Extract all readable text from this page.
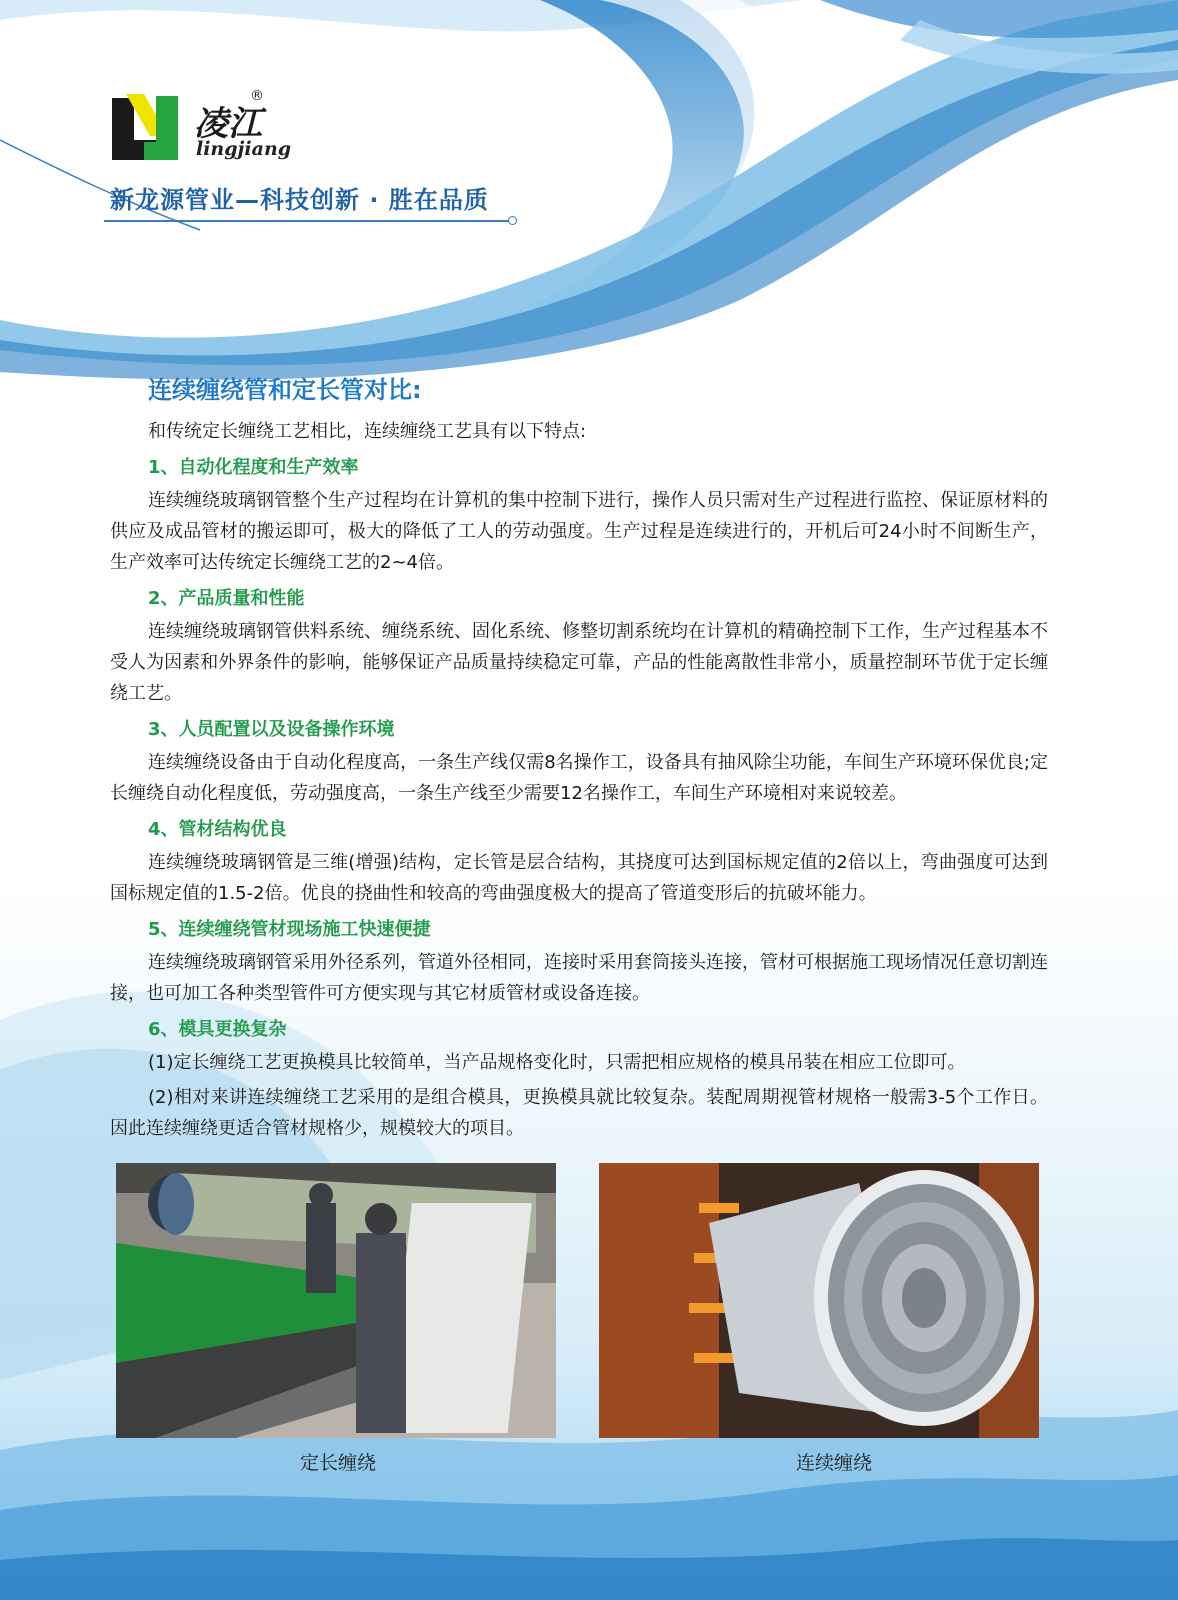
凌江
®
lingjiang
新龙源管业—科技创新 · 胜在品质
连续缠绕管和定长管对比:
和传统定长缠绕工艺相比，连续缠绕工艺具有以下特点:
1、自动化程度和生产效率
连续缠绕玻璃钢管整个生产过程均在计算机的集中控制下进行，操作人员只需对生产过程进行监控、保证原材料的供应及成品管材的搬运即可，极大的降低了工人的劳动强度。生产过程是连续进行的，开机后可24小时不间断生产，生产效率可达传统定长缠绕工艺的2~4倍。
2、产品质量和性能
连续缠绕玻璃钢管供料系统、缠绕系统、固化系统、修整切割系统均在计算机的精确控制下工作，生产过程基本不受人为因素和外界条件的影响，能够保证产品质量持续稳定可靠，产品的性能离散性非常小，质量控制环节优于定长缠绕工艺。
3、人员配置以及设备操作环境
连续缠绕设备由于自动化程度高，一条生产线仅需8名操作工，设备具有抽风除尘功能，车间生产环境环保优良;定长缠绕自动化程度低，劳动强度高，一条生产线至少需要12名操作工，车间生产环境相对来说较差。
4、管材结构优良
连续缠绕玻璃钢管是三维(增强)结构，定长管是层合结构，其挠度可达到国标规定值的2倍以上，弯曲强度可达到国标规定值的1.5-2倍。优良的挠曲性和较高的弯曲强度极大的提高了管道变形后的抗破坏能力。
5、连续缠绕管材现场施工快速便捷
连续缠绕玻璃钢管采用外径系列，管道外径相同，连接时采用套筒接头连接，管材可根据施工现场情况任意切割连接，也可加工各种类型管件可方便实现与其它材质管材或设备连接。
6、模具更换复杂
(1)定长缠绕工艺更换模具比较简单，当产品规格变化时，只需把相应规格的模具吊装在相应工位即可。
(2)相对来讲连续缠绕工艺采用的是组合模具，更换模具就比较复杂。装配周期视管材规格一般需3-5个工作日。因此连续缠绕更适合管材规格少，规模较大的项目。
定长缠绕	连续缠绕
